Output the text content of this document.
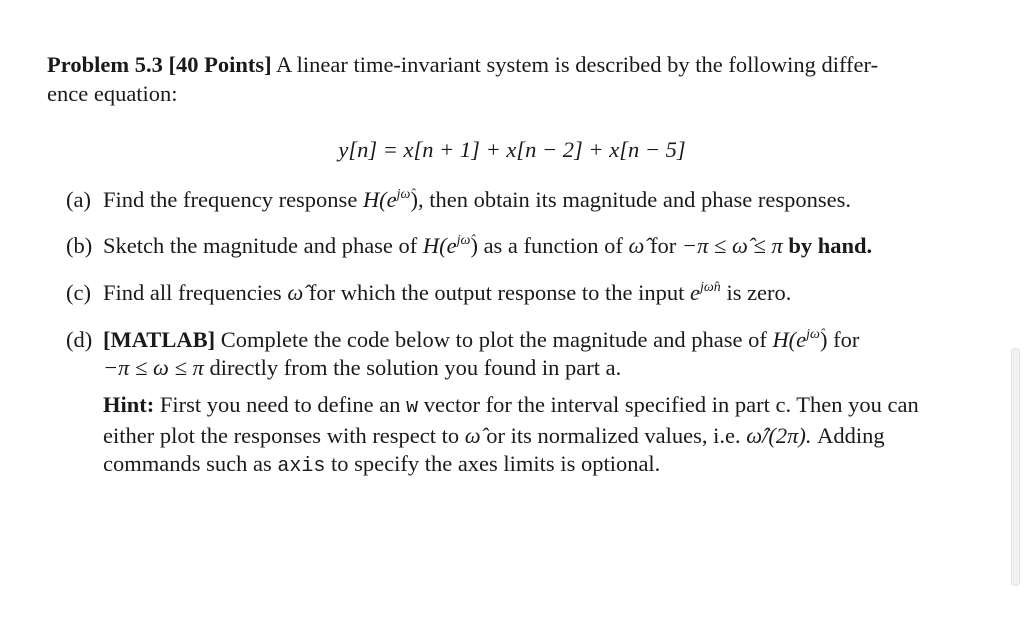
Problem 5.3 [40 Points] A linear time-invariant system is described by the following differ-
ence equation:
y[n] = x[n + 1] + x[n − 2] + x[n − 5]
(a) Find the frequency response $H(e^{j\omegâ})$, then obtain its magnitude and phase responses.
(b) Sketch the magnitude and phase of $H(e^{j\omegâ})$ as a function of ω̂ for −π ≤ ω̂ ≤ π by hand.
(c) Find all frequencies ω̂ for which the output response to the input $e^{j\omegân}$ is zero.
(d) [MATLAB] Complete the code below to plot the magnitude and phase of $H(e^{j\omegâ})$ for
−π ≤ ω ≤ π directly from the solution you found in part a.
Hint: First you need to define an w vector for the interval specified in part c. Then you can either plot the responses with respect to ω̂ or its normalized values, i.e. ω̂/(2π). Adding commands such as axis to specify the axes limits is optional.
